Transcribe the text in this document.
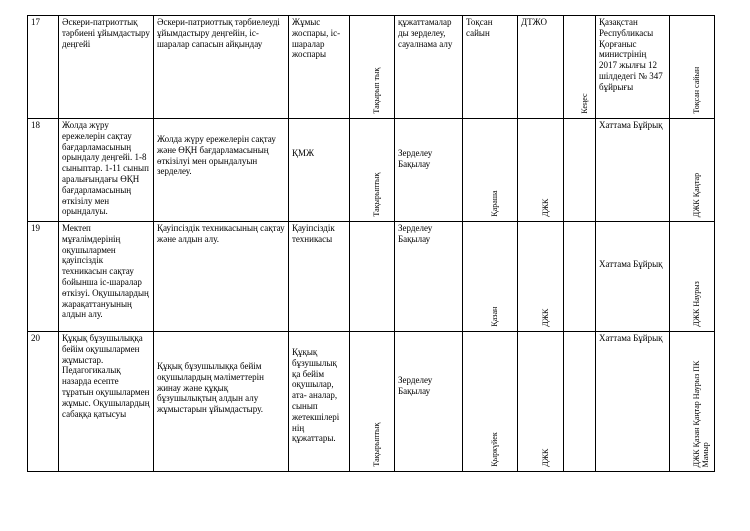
17	Әскери-патриоттық тәрбиені ұйымдастыру деңгейі	Әскери-патриоттық тәрбиелеуді ұйымдастыру деңгейін, іс-шаралар сапасын айқындау	Жұмыс жоспары, іс-шаралар жоспары	Тақырып тық	құжаттамалар ды зерделеу, сауалнама алу	Тоқсан сайын	ДТЖО	Кеңес	Қазақстан Республикасы Қорғаныс министрінің 2017 жылғы 12 шілдедегі № 347 бұйрығы	Тоқсан сайын

18	Жолда жүру ережелерін сақтау бағдарламасының орындалу деңгейі. 1-8 сыныптар. 1-11 сынып аралығындағы ӨҚН бағдарламасының өткізілу мен орындалуы.	Жолда жүру ережелерін сақтау және ӨҚН бағдарламасының өткізілуі мен орындалуын зерделеу.	ҚМЖ	Тақырыптық	Зерделеу Бақылау	Қараша	ДЖК		Хаттама Бұйрық	ДЖК Қаңтар

19	Мектеп мұғалімдерінің оқушылармен қауіпсіздік техникасын сақтау бойынша іс-шаралар өткізуі. Оқушылардың жарақаттануының алдын алу.	Қауіпсіздік техникасының сақтау және алдын алу.	Қауіпсіздік техникасы		Зерделеу Бақылау	Қазан	ДЖК		Хаттама Бұйрық	ДЖК Наурыз

20	Құқық бұзушылыққа бейім оқушылармен жұмыстар. Педагогикалық назарда есепте тұратын оқушылармен жұмыс. Оқушылардың сабаққа қатысуы	Құқық бұзушылыққа бейім оқушылардың мәліметтерін жинау және құқық бұзушылықтың алдын алу жұмыстарын ұйымдастыру.	Құқық бұзушылық қа бейім оқушылар, ата- аналар, сынып жетекшілері нің құжаттары.	Тақырыптық	Зерделеу Бақылау	Қыркүйек	ДЖК		Хаттама Бұйрық	ДЖК Қазан Қаңтар Наурыз ПК Мамыр
